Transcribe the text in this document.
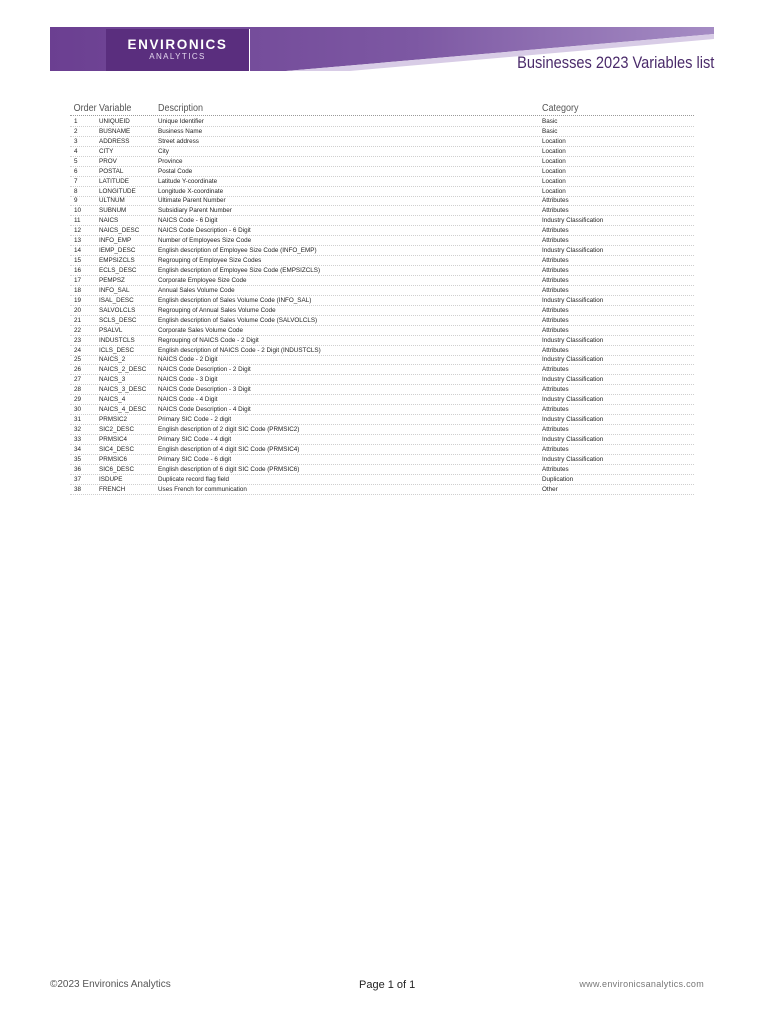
ENVIRONICS
ANALYTICS	Businesses 2023 Variables list
Order Variable	Description	Category
1	UNIQUEID	Unique Identifier	Basic
2	BUSNAME	Business Name	Basic
3	ADDRESS	Street address	Location
4	CITY	City	Location
5	PROV	Province	Location
6	POSTAL	Postal Code	Location
7	LATITUDE	Latitude Y-coordinate	Location
8	LONGITUDE	Longitude X-coordinate	Location
9	ULTNUM	Ultimate Parent Number	Attributes
10	SUBNUM	Subsidiary Parent Number	Attributes
11	NAICS	NAICS Code - 6 Digit	Industry Classification
12	NAICS_DESC	NAICS Code Description - 6 Digit	Attributes
13	INFO_EMP	Number of Employees Size Code	Attributes
14	IEMP_DESC	English description of Employee Size Code (INFO_EMP)	Industry Classification
15	EMPSIZCLS	Regrouping of Employee Size Codes	Attributes
16	ECLS_DESC	English description of Employee Size Code (EMPSIZCLS)	Attributes
17	PEMPSZ	Corporate Employee Size Code	Attributes
18	INFO_SAL	Annual Sales Volume Code	Attributes
19	ISAL_DESC	English description of Sales Volume Code (INFO_SAL)	Industry Classification
20	SALVOLCLS	Regrouping of Annual Sales Volume Code	Attributes
21	SCLS_DESC	English description of Sales Volume Code (SALVOLCLS)	Attributes
22	PSALVL	Corporate Sales Volume Code	Attributes
23	INDUSTCLS	Regrouping of NAICS Code - 2 Digit	Industry Classification
24	ICLS_DESC	English description of NAICS Code - 2 Digit (INDUSTCLS)	Attributes
25	NAICS_2	NAICS Code - 2 Digit	Industry Classification
26	NAICS_2_DESC	NAICS Code Description - 2 Digit	Attributes
27	NAICS_3	NAICS Code - 3 Digit	Industry Classification
28	NAICS_3_DESC	NAICS Code Description - 3 Digit	Attributes
29	NAICS_4	NAICS Code - 4 Digit	Industry Classification
30	NAICS_4_DESC	NAICS Code Description - 4 Digit	Attributes
31	PRMSIC2	Primary SIC Code - 2 digit	Industry Classification
32	SIC2_DESC	English description of 2 digit SIC Code (PRMSIC2)	Attributes
33	PRMSIC4	Primary SIC Code - 4 digit	Industry Classification
34	SIC4_DESC	English description of 4 digit SIC Code (PRMSIC4)	Attributes
35	PRMSIC6	Primary SIC Code - 6 digit	Industry Classification
36	SIC6_DESC	English description of 6 digit SIC Code (PRMSIC6)	Attributes
37	ISDUPE	Duplicate record flag field	Duplication
38	FRENCH	Uses French for communication	Other
©2023 Environics Analytics	Page 1 of 1	www.environicsanalytics.com
